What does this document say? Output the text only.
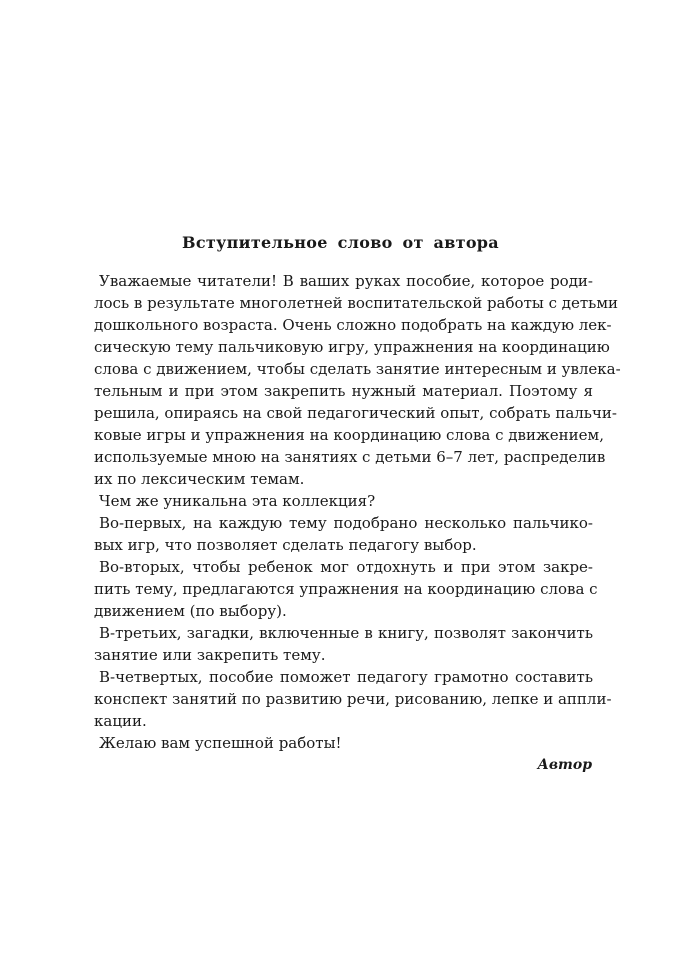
Вступительное слово от автора

Уважаемые читатели! В ваших руках пособие, которое роди-

лось в результате многолетней воспитательской работы с детьми

дошкольного возраста. Очень сложно подобрать на каждую лек-

сическую тему пальчиковую игру, упражнения на координацию

слова с движением, чтобы сделать занятие интересным и увлека-

тельным и при этом закрепить нужный материал. Поэтому я

решила, опираясь на свой педагогический опыт, собрать пальчи-

ковые игры и упражнения на координацию слова с движением,

используемые мною на занятиях с детьми 6–7 лет, распределив

их по лексическим темам.

Чем же уникальна эта коллекция?

Во-первых, на каждую тему подобрано несколько пальчико-

вых игр, что позволяет сделать педагогу выбор.

Во-вторых, чтобы ребенок мог отдохнуть и при этом закре-

пить тему, предлагаются упражнения на координацию слова с

движением (по выбору).

В-третьих, загадки, включенные в книгу, позволят закончить

занятие или закрепить тему.

В-четвертых, пособие поможет педагогу грамотно составить

конспект занятий по развитию речи, рисованию, лепке и аппли-

кации.

Желаю вам успешной работы!

Автор
